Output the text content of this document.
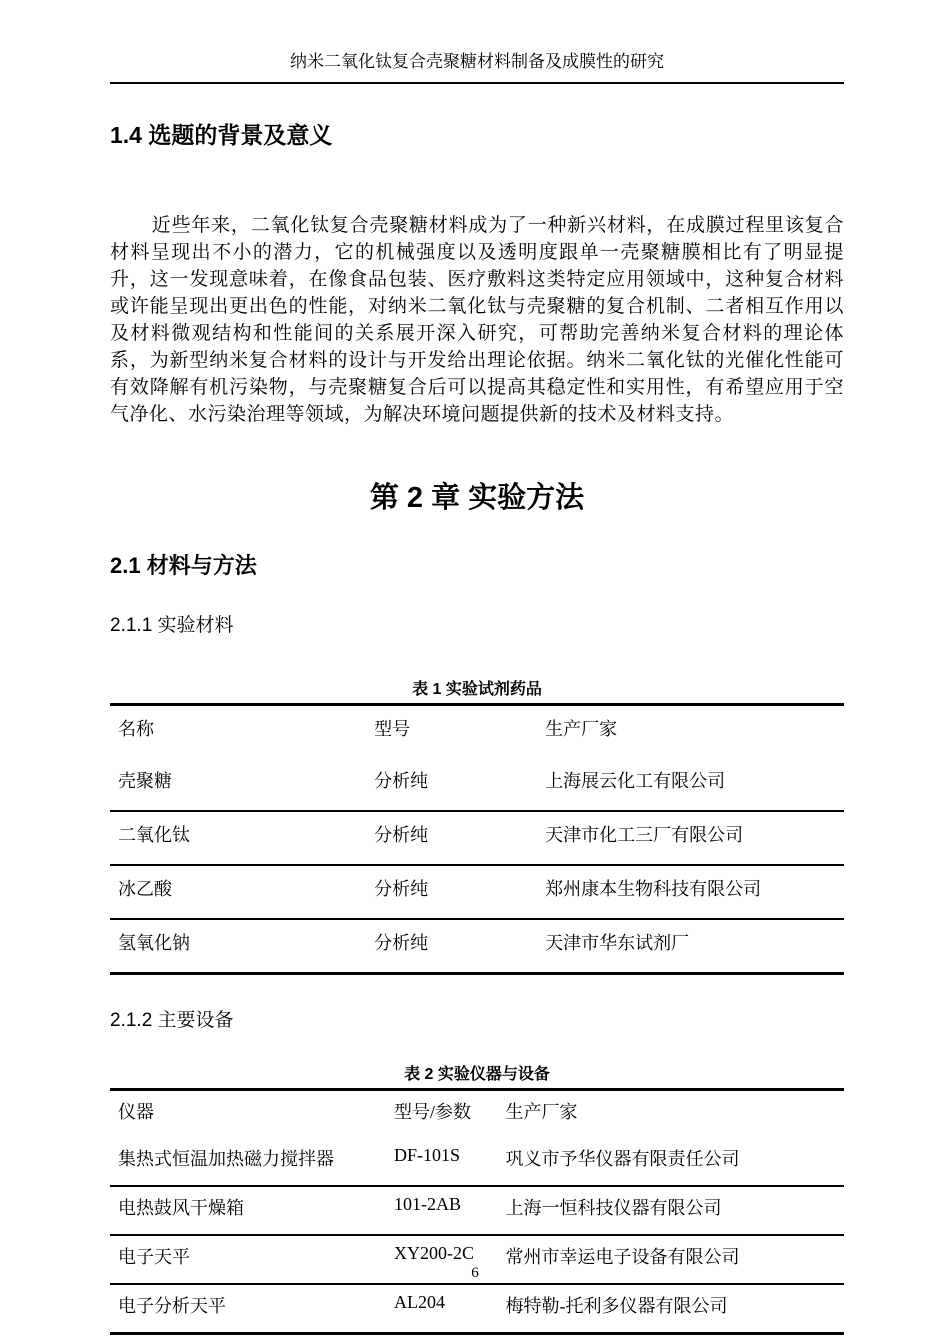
纳米二氧化钛复合壳聚糖材料制备及成膜性的研究
1.4 选题的背景及意义

近些年来，二氧化钛复合壳聚糖材料成为了一种新兴材料，在成膜过程里该复合材料呈现出不小的潜力，它的机械强度以及透明度跟单一壳聚糖膜相比有了明显提升，这一发现意味着，在像食品包装、医疗敷料这类特定应用领域中，这种复合材料或许能呈现出更出色的性能，对纳米二氧化钛与壳聚糖的复合机制、二者相互作用以及材料微观结构和性能间的关系展开深入研究，可帮助完善纳米复合材料的理论体系，为新型纳米复合材料的设计与开发给出理论依据。纳米二氧化钛的光催化性能可有效降解有机污染物，与壳聚糖复合后可以提高其稳定性和实用性，有希望应用于空气净化、水污染治理等领域，为解决环境问题提供新的技术及材料支持。

第 2 章 实验方法
2.1 材料与方法
2.1.1 实验材料
表 1 实验试剂药品
名称	型号	生产厂家
壳聚糖	分析纯	上海展云化工有限公司
二氧化钛	分析纯	天津市化工三厂有限公司
冰乙酸	分析纯	郑州康本生物科技有限公司
氢氧化钠	分析纯	天津市华东试剂厂
2.1.2 主要设备
表 2 实验仪器与设备
仪器	型号/参数	生产厂家
集热式恒温加热磁力搅拌器	DF-101S	巩义市予华仪器有限责任公司
电热鼓风干燥箱	101-2AB	上海一恒科技仪器有限公司
电子天平	XY200-2C	常州市幸运电子设备有限公司
电子分析天平	AL204	梅特勒-托利多仪器有限公司
6
